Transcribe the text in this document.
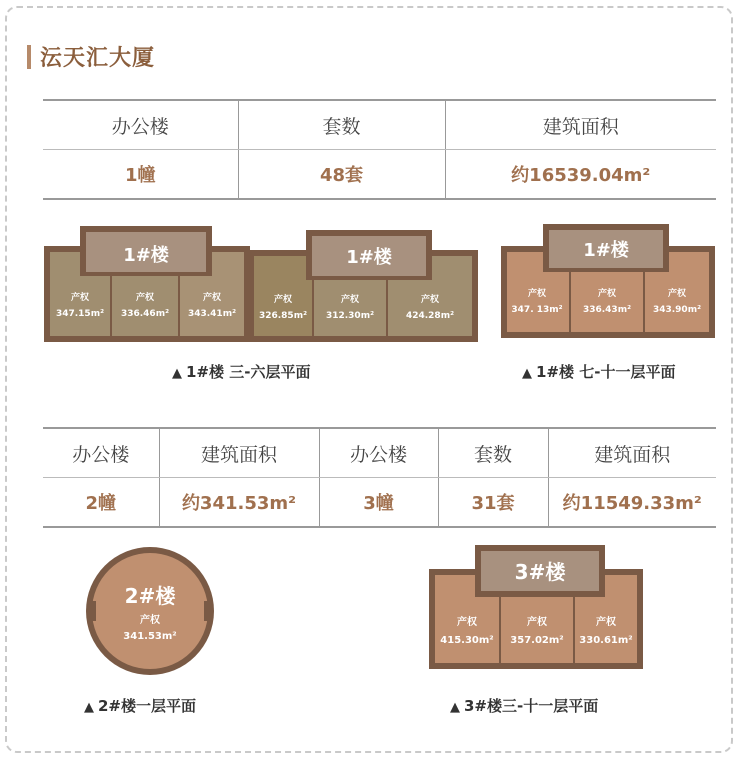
沄天汇大厦
办公楼	套数	建筑面积
1幢	48套	约16539.04m²
1#楼	1#楼
产权
347.15m²
产权
336.46m²
产权
343.41m²
产权
326.85m²
产权
312.30m²
产权
424.28m²
▲ 1#楼 三-六层平面
1#楼
产权
347. 13m²
产权
336.43m²
产权
343.90m²
▲ 1#楼 七-十一层平面
办公楼	建筑面积	办公楼	套数	建筑面积
2幢	约341.53m²	3幢	31套	约11549.33m²
2#楼
产权
341.53m²
▲ 2#楼一层平面
3#楼
产权
415.30m²
产权
357.02m²
产权
330.61m²
▲ 3#楼三-十一层平面
